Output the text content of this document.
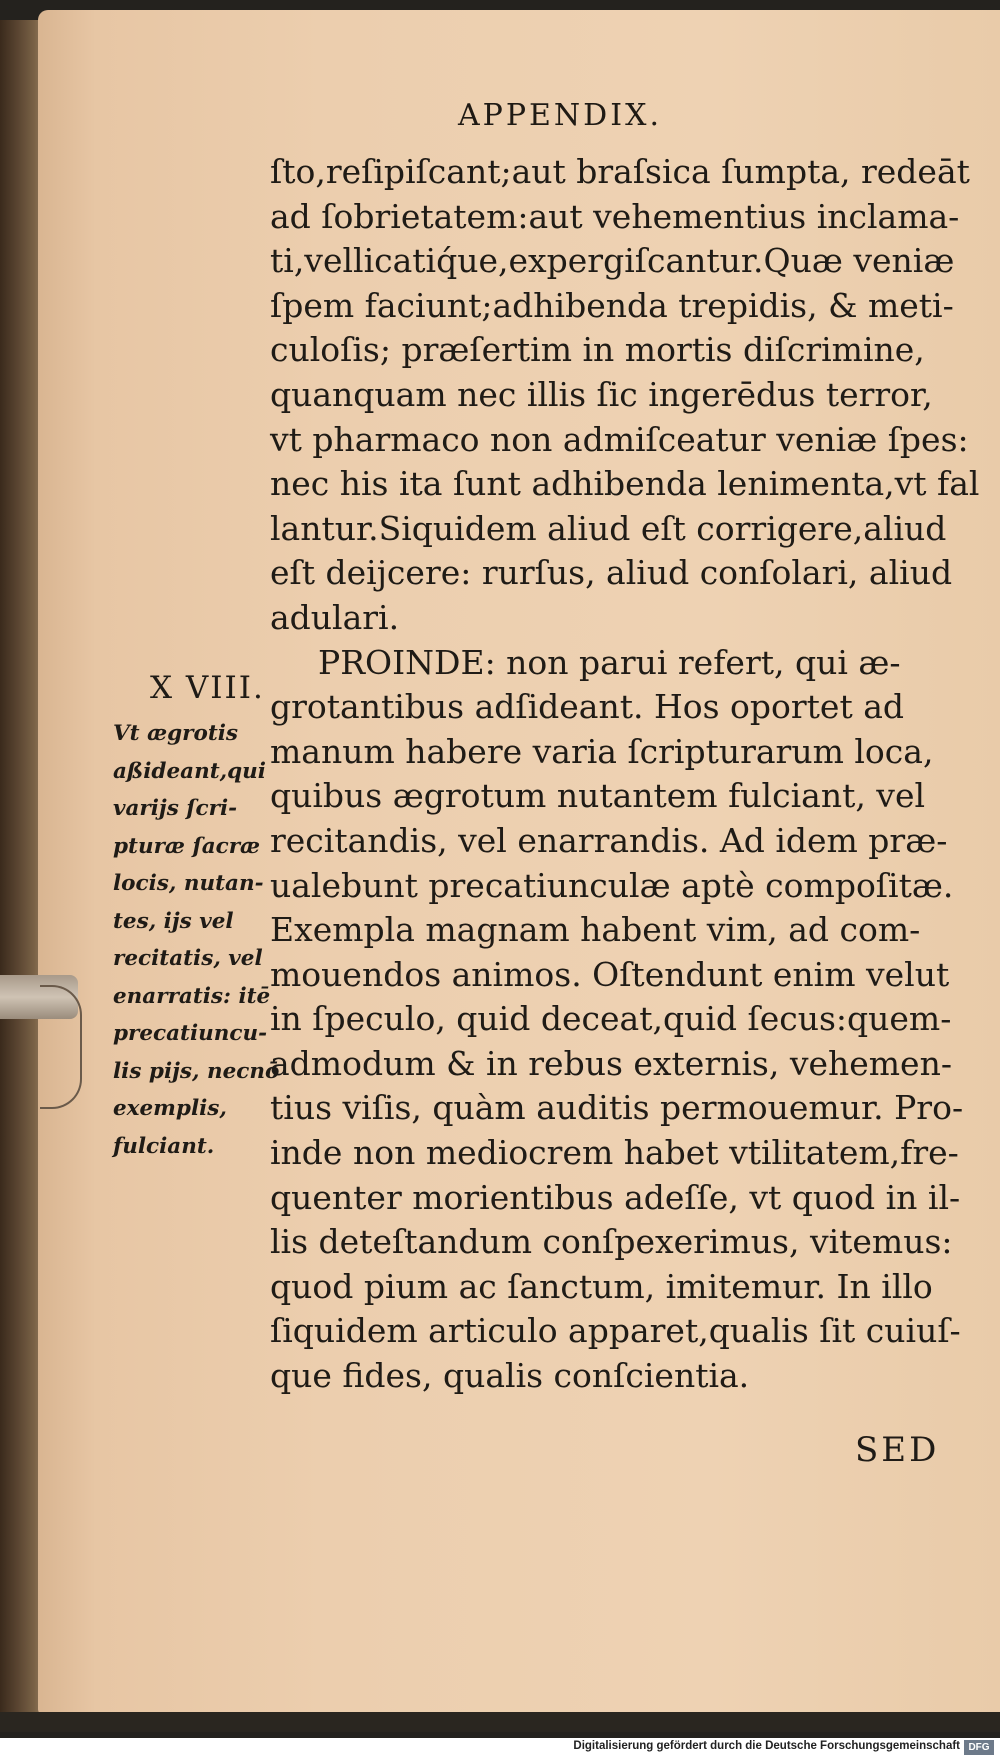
APPENDIX.
ſto,reſipiſcant;aut braſsica ſumpta, redeāt
ad ſobrietatem:aut vehementius inclama-
ti,vellicatiq́ue,expergiſcantur.Quæ veniæ
ſpem faciunt;adhibenda trepidis, & meti-
culoſis; præſertim in mortis diſcrimine,
quanquam nec illis ſic ingerēdus terror,
vt pharmaco non admiſceatur veniæ ſpes:
nec his ita ſunt adhibenda lenimenta,vt fal
lantur.Siquidem aliud eſt corrigere,aliud
eſt deijcere: rurſus, aliud conſolari, aliud
adulari.
PROINDE: non parui refert, qui æ-
grotantibus adſideant. Hos oportet ad
manum habere varia ſcripturarum loca,
quibus ægrotum nutantem fulciant, vel
recitandis, vel enarrandis. Ad idem præ-
ualebunt precatiunculæ aptè compoſitæ.
Exempla magnam habent vim, ad com-
mouendos animos. Oſtendunt enim velut
in ſpeculo, quid deceat,quid ſecus:quem-
admodum & in rebus externis, vehemen-
tius viſis, quàm auditis permouemur. Pro-
inde non mediocrem habet vtilitatem,fre-
quenter morientibus adeſſe, vt quod in il-
lis deteſtandum conſpexerimus, vitemus:
quod pium ac ſanctum, imitemur. In illo
ſiquidem articulo apparet,qualis ſit cuiuſ-
que fides, qualis conſcientia.
X VIII.
Vt ægrotis
aßideant,qui
varijs ſcri-
pturæ ſacræ
locis, nutan-
tes, ijs vel
recitatis, vel
enarratis: itē
precatiuncu-
lis pijs, necnō
exemplis,
fulciant.
SED
Digitalisierung gefördert durch die Deutsche Forschungsgemeinschaft DFG
